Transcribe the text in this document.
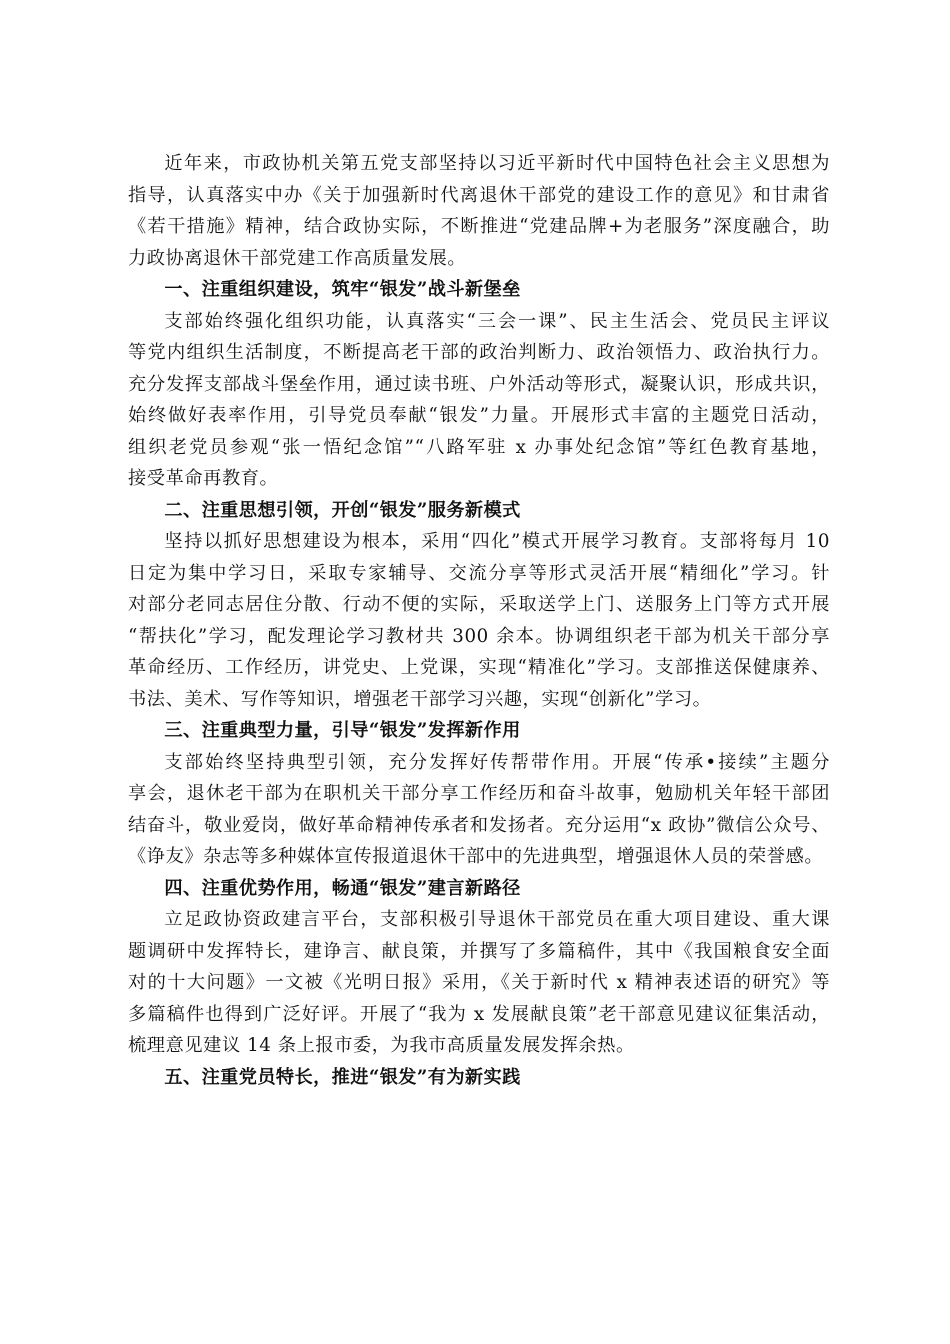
近年来，市政协机关第五党支部坚持以习近平新时代中国特色社会主义思想为
指导，认真落实中办《关于加强新时代离退休干部党的建设工作的意见》和甘肃省
《若干措施》精神，结合政协实际，不断推进“党建品牌+为老服务”深度融合，助
力政协离退休干部党建工作高质量发展。
一、注重组织建设，筑牢“银发”战斗新堡垒
支部始终强化组织功能，认真落实“三会一课”、民主生活会、党员民主评议
等党内组织生活制度，不断提高老干部的政治判断力、政治领悟力、政治执行力。
充分发挥支部战斗堡垒作用，通过读书班、户外活动等形式，凝聚认识，形成共识，
始终做好表率作用，引导党员奉献“银发”力量。开展形式丰富的主题党日活动，
组织老党员参观“张一悟纪念馆”“八路军驻 x 办事处纪念馆”等红色教育基地，
接受革命再教育。
二、注重思想引领，开创“银发”服务新模式
坚持以抓好思想建设为根本，采用“四化”模式开展学习教育。支部将每月 10
日定为集中学习日，采取专家辅导、交流分享等形式灵活开展“精细化”学习。针
对部分老同志居住分散、行动不便的实际，采取送学上门、送服务上门等方式开展
“帮扶化”学习，配发理论学习教材共 300 余本。协调组织老干部为机关干部分享
革命经历、工作经历，讲党史、上党课，实现“精准化”学习。支部推送保健康养、
书法、美术、写作等知识，增强老干部学习兴趣，实现“创新化”学习。
三、注重典型力量，引导“银发”发挥新作用
支部始终坚持典型引领，充分发挥好传帮带作用。开展“传承•接续”主题分
享会，退休老干部为在职机关干部分享工作经历和奋斗故事，勉励机关年轻干部团
结奋斗，敬业爱岗，做好革命精神传承者和发扬者。充分运用“x 政协”微信公众号、
《诤友》杂志等多种媒体宣传报道退休干部中的先进典型，增强退休人员的荣誉感。
四、注重优势作用，畅通“银发”建言新路径
立足政协资政建言平台，支部积极引导退休干部党员在重大项目建设、重大课
题调研中发挥特长，建诤言、献良策，并撰写了多篇稿件，其中《我国粮食安全面
对的十大问题》一文被《光明日报》采用，《关于新时代 x 精神表述语的研究》等
多篇稿件也得到广泛好评。开展了“我为 x 发展献良策”老干部意见建议征集活动，
梳理意见建议 14 条上报市委，为我市高质量发展发挥余热。
五、注重党员特长，推进“银发”有为新实践
